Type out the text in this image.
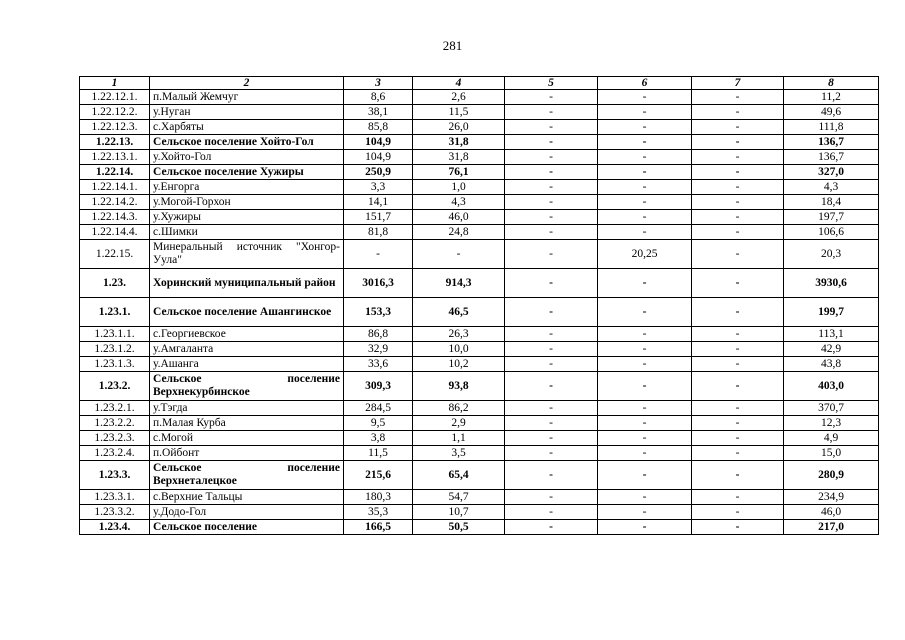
281
1	2	3	4	5	6	7	8
1.22.12.1.	п.Малый Жемчуг	8,6	2,6	-	-	-	11,2
1.22.12.2.	у.Нуган	38,1	11,5	-	-	-	49,6
1.22.12.3.	с.Харбяты	85,8	26,0	-	-	-	111,8
1.22.13.	Сельское поселение Хойто-Гол	104,9	31,8	-	-	-	136,7
1.22.13.1.	у.Хойто-Гол	104,9	31,8	-	-	-	136,7
1.22.14.	Сельское поселение Хужиры	250,9	76,1	-	-	-	327,0
1.22.14.1.	у.Енгорга	3,3	1,0	-	-	-	4,3
1.22.14.2.	у.Могой-Горхон	14,1	4,3	-	-	-	18,4
1.22.14.3.	у.Хужиры	151,7	46,0	-	-	-	197,7
1.22.14.4.	с.Шимки	81,8	24,8	-	-	-	106,6
1.22.15.	Минеральный источник "Хонгор-Уула"	-	-	-	20,25	-	20,3
1.23.	Хоринский муниципальный район	3016,3	914,3	-	-	-	3930,6
1.23.1.	Сельское поселение Ашангинское	153,3	46,5	-	-	-	199,7
1.23.1.1.	с.Георгиевское	86,8	26,3	-	-	-	113,1
1.23.1.2.	у.Амгаланта	32,9	10,0	-	-	-	42,9
1.23.1.3.	у.Ашанга	33,6	10,2	-	-	-	43,8
1.23.2.	Сельское поселение Верхнекурбинское	309,3	93,8	-	-	-	403,0
1.23.2.1.	у.Тэгда	284,5	86,2	-	-	-	370,7
1.23.2.2.	п.Малая Курба	9,5	2,9	-	-	-	12,3
1.23.2.3.	с.Могой	3,8	1,1	-	-	-	4,9
1.23.2.4.	п.Ойбонт	11,5	3,5	-	-	-	15,0
1.23.3.	Сельское поселение Верхнеталецкое	215,6	65,4	-	-	-	280,9
1.23.3.1.	с.Верхние Тальцы	180,3	54,7	-	-	-	234,9
1.23.3.2.	у.Додо-Гол	35,3	10,7	-	-	-	46,0
1.23.4.	Сельское поселение	166,5	50,5	-	-	-	217,0
